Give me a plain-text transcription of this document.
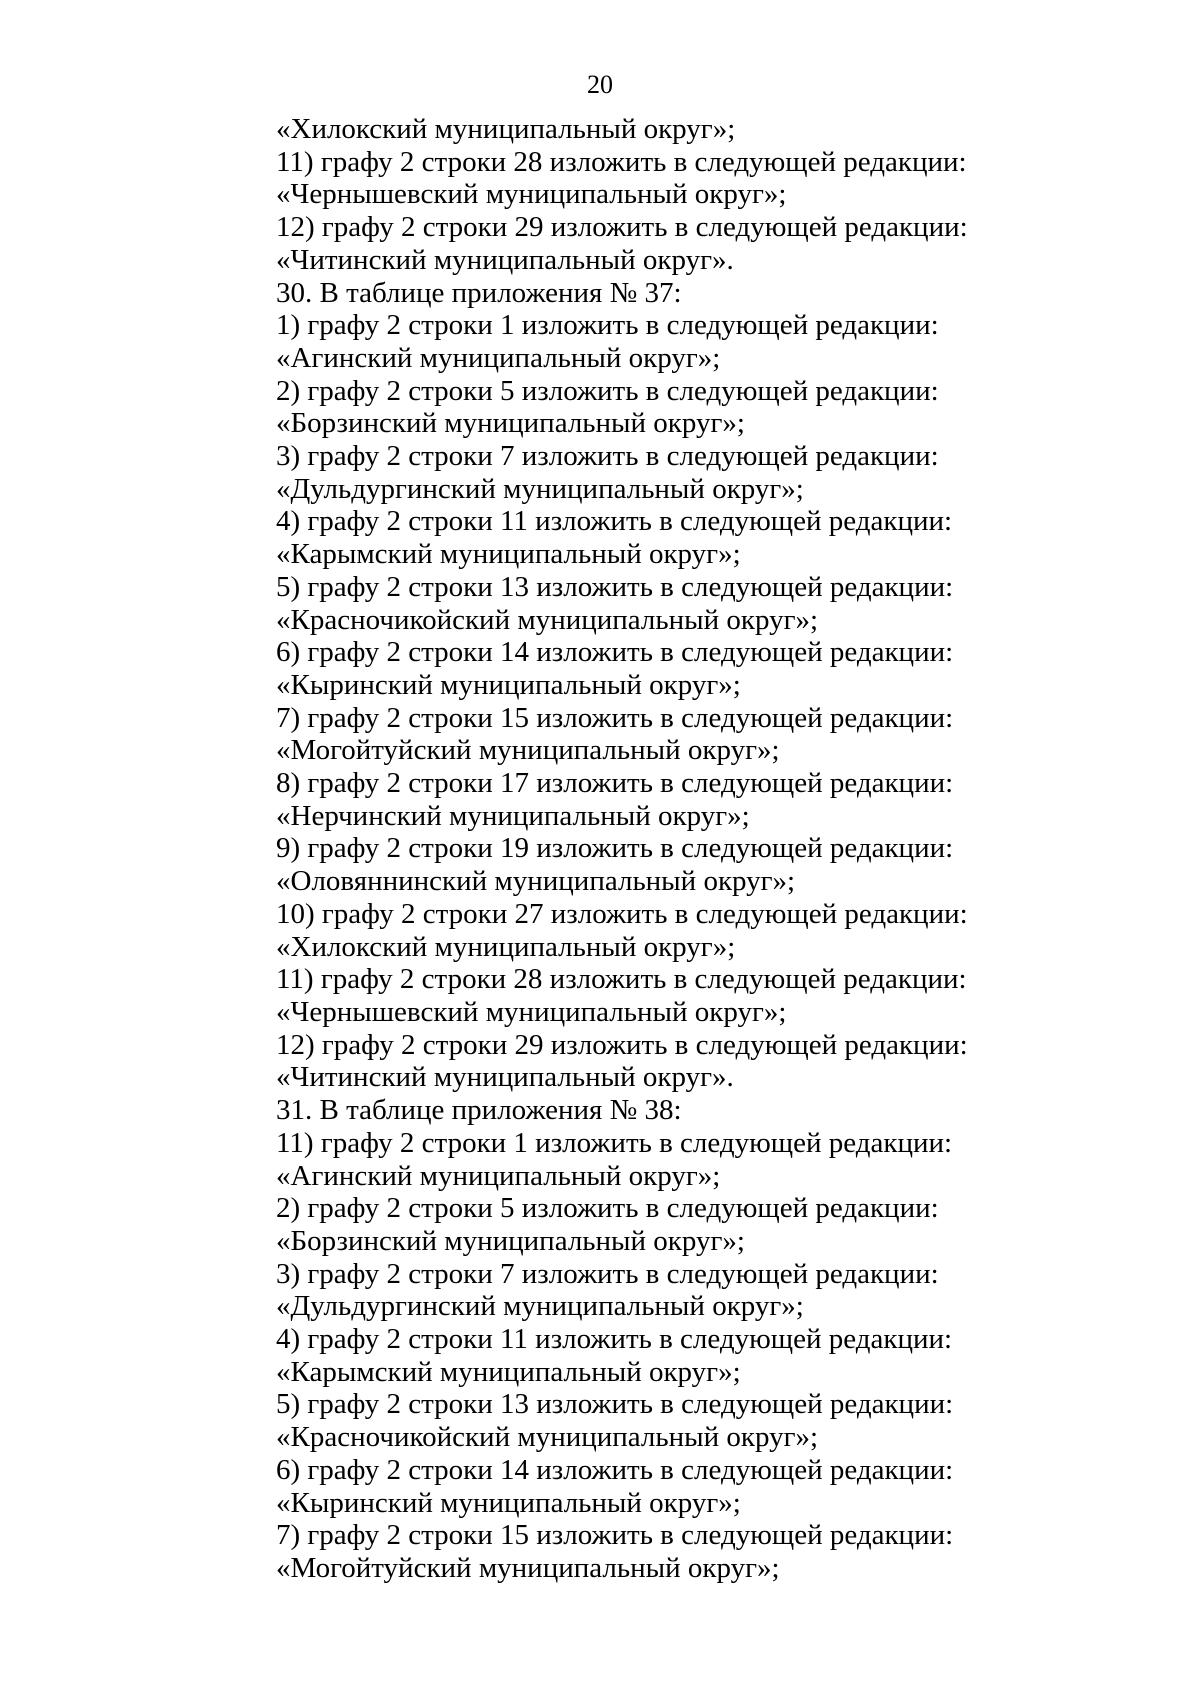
20
«Хилокский муниципальный округ»;
11) графу 2 строки 28 изложить в следующей редакции:
«Чернышевский муниципальный округ»;
12) графу 2 строки 29 изложить в следующей редакции:
«Читинский муниципальный округ».
30. В таблице приложения № 37:
1) графу 2 строки 1 изложить в следующей редакции:
«Агинский муниципальный округ»;
2) графу 2 строки 5 изложить в следующей редакции:
«Борзинский муниципальный округ»;
3) графу 2 строки 7 изложить в следующей редакции:
«Дульдургинский муниципальный округ»;
4) графу 2 строки 11 изложить в следующей редакции:
«Карымский муниципальный округ»;
5) графу 2 строки 13 изложить в следующей редакции:
«Красночикойский муниципальный округ»;
6) графу 2 строки 14 изложить в следующей редакции:
«Кыринский муниципальный округ»;
7) графу 2 строки 15 изложить в следующей редакции:
«Могойтуйский муниципальный округ»;
8) графу 2 строки 17 изложить в следующей редакции:
«Нерчинский муниципальный округ»;
9) графу 2 строки 19 изложить в следующей редакции:
«Оловяннинский муниципальный округ»;
10) графу 2 строки 27 изложить в следующей редакции:
«Хилокский муниципальный округ»;
11) графу 2 строки 28 изложить в следующей редакции:
«Чернышевский муниципальный округ»;
12) графу 2 строки 29 изложить в следующей редакции:
«Читинский муниципальный округ».
31. В таблице приложения № 38:
11) графу 2 строки 1 изложить в следующей редакции:
«Агинский муниципальный округ»;
2) графу 2 строки 5 изложить в следующей редакции:
«Борзинский муниципальный округ»;
3) графу 2 строки 7 изложить в следующей редакции:
«Дульдургинский муниципальный округ»;
4) графу 2 строки 11 изложить в следующей редакции:
«Карымский муниципальный округ»;
5) графу 2 строки 13 изложить в следующей редакции:
«Красночикойский муниципальный округ»;
6) графу 2 строки 14 изложить в следующей редакции:
«Кыринский муниципальный округ»;
7) графу 2 строки 15 изложить в следующей редакции:
«Могойтуйский муниципальный округ»;
